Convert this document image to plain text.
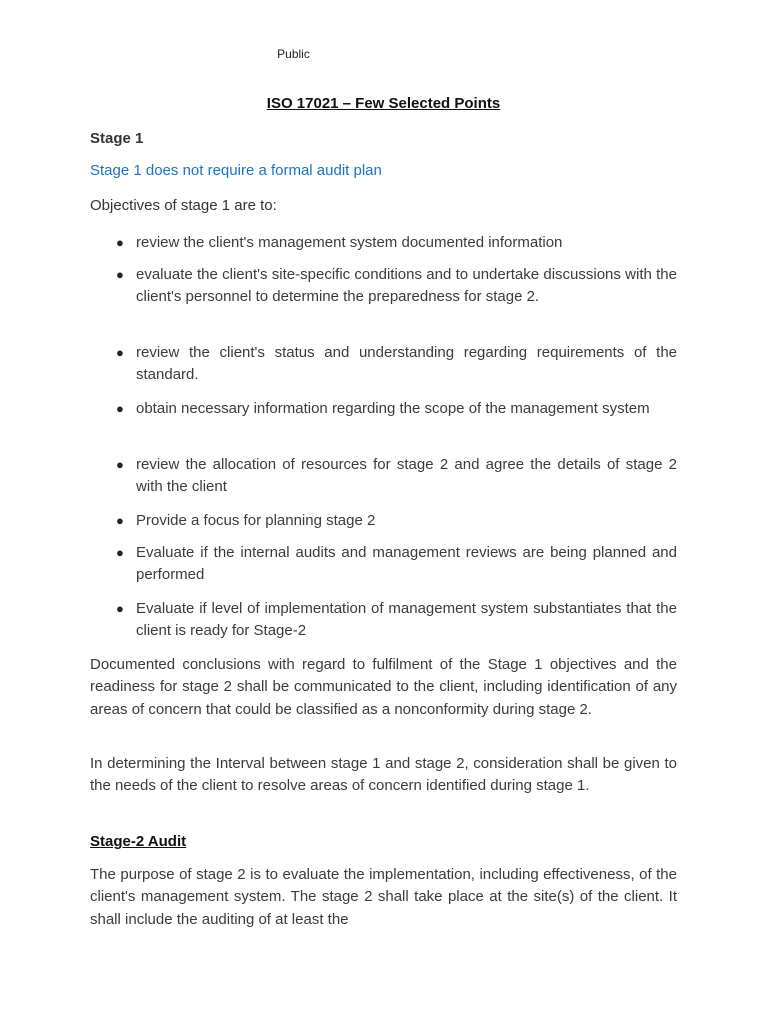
Public
ISO 17021 – Few Selected Points
Stage 1
Stage 1 does not require a formal audit plan
Objectives of stage 1 are to:
● review the client's management system documented information
● evaluate the client's site-specific conditions and to undertake discussions with the client's personnel to determine the preparedness for stage 2.
● review the client's status and understanding regarding requirements of the standard.
● obtain necessary information regarding the scope of the management system
● review the allocation of resources for stage 2 and agree the details of stage 2 with the client
● Provide a focus for planning stage 2
● Evaluate if the internal audits and management reviews are being planned and performed
● Evaluate if level of implementation of management system substantiates that the client is ready for Stage-2
Documented conclusions with regard to fulfilment of the Stage 1 objectives and the readiness for stage 2 shall be communicated to the client, including identification of any areas of concern that could be classified as a nonconformity during stage 2.
In determining the Interval between stage 1 and stage 2, consideration shall be given to the needs of the client to resolve areas of concern identified during stage 1.
Stage-2 Audit
The purpose of stage 2 is to evaluate the implementation, including effectiveness, of the client's management system. The stage 2 shall take place at the site(s) of the client. It shall include the auditing of at least the
